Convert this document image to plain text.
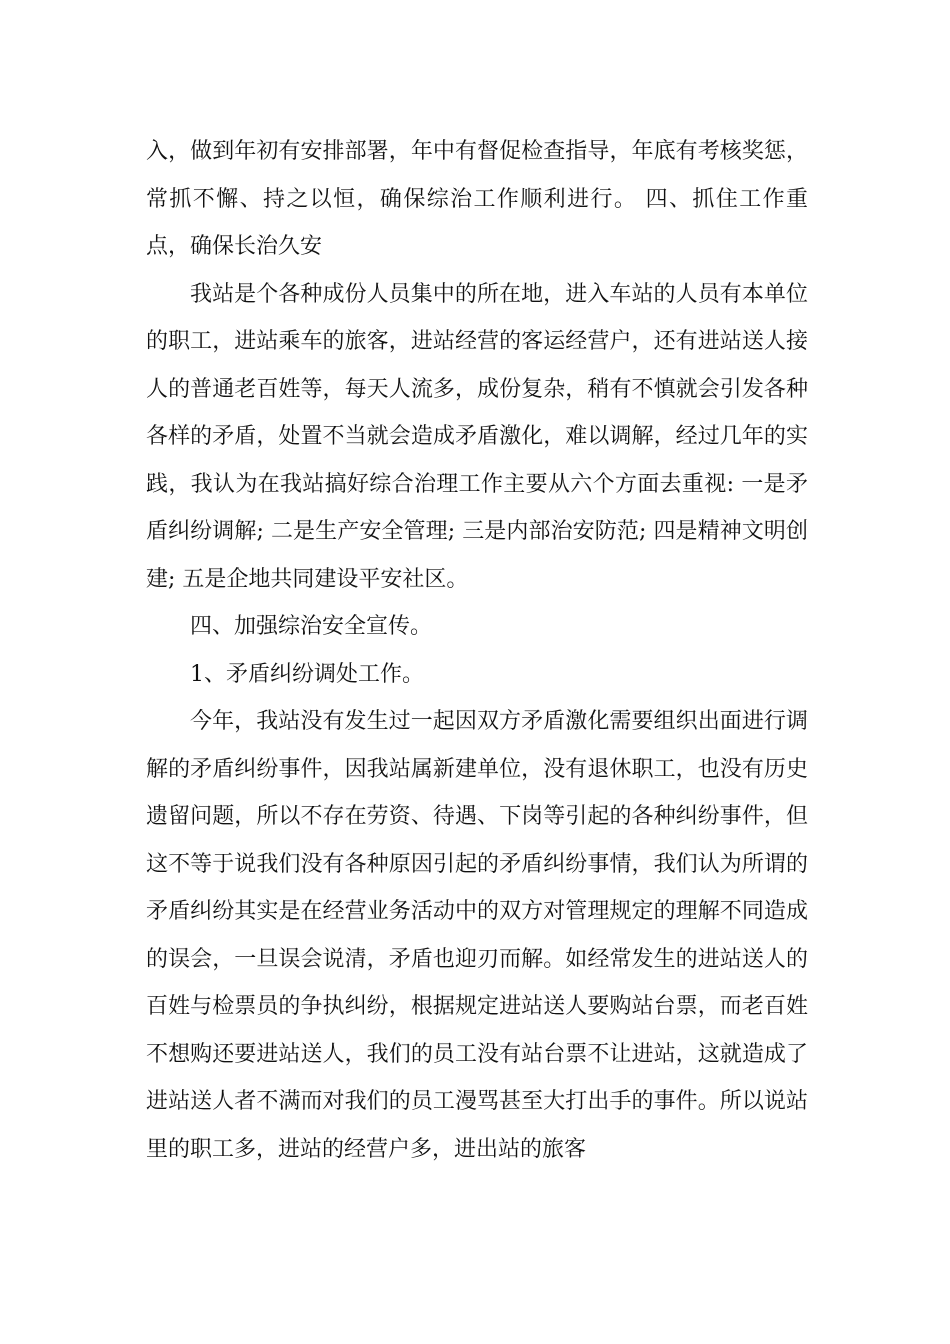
入，做到年初有安排部署，年中有督促检查指导，年底有考核奖惩，常抓不懈、持之以恒，确保综治工作顺利进行。 四、抓住工作重点，确保长治久安

我站是个各种成份人员集中的所在地，进入车站的人员有本单位的职工，进站乘车的旅客，进站经营的客运经营户，还有进站送人接人的普通老百姓等，每天人流多，成份复杂，稍有不慎就会引发各种各样的矛盾，处置不当就会造成矛盾激化，难以调解，经过几年的实践，我认为在我站搞好综合治理工作主要从六个方面去重视: 一是矛盾纠纷调解; 二是生产安全管理; 三是内部治安防范; 四是精神文明创建; 五是企地共同建设平安社区。

四、加强综治安全宣传。

1、矛盾纠纷调处工作。

今年，我站没有发生过一起因双方矛盾激化需要组织出面进行调解的矛盾纠纷事件，因我站属新建单位，没有退休职工，也没有历史遗留问题，所以不存在劳资、待遇、下岗等引起的各种纠纷事件，但这不等于说我们没有各种原因引起的矛盾纠纷事情，我们认为所谓的矛盾纠纷其实是在经营业务活动中的双方对管理规定的理解不同造成的误会，一旦误会说清，矛盾也迎刃而解。如经常发生的进站送人的百姓与检票员的争执纠纷，根据规定进站送人要购站台票，而老百姓不想购还要进站送人，我们的员工没有站台票不让进站，这就造成了进站送人者不满而对我们的员工漫骂甚至大打出手的事件。所以说站里的职工多，进站的经营户多，进出站的旅客
